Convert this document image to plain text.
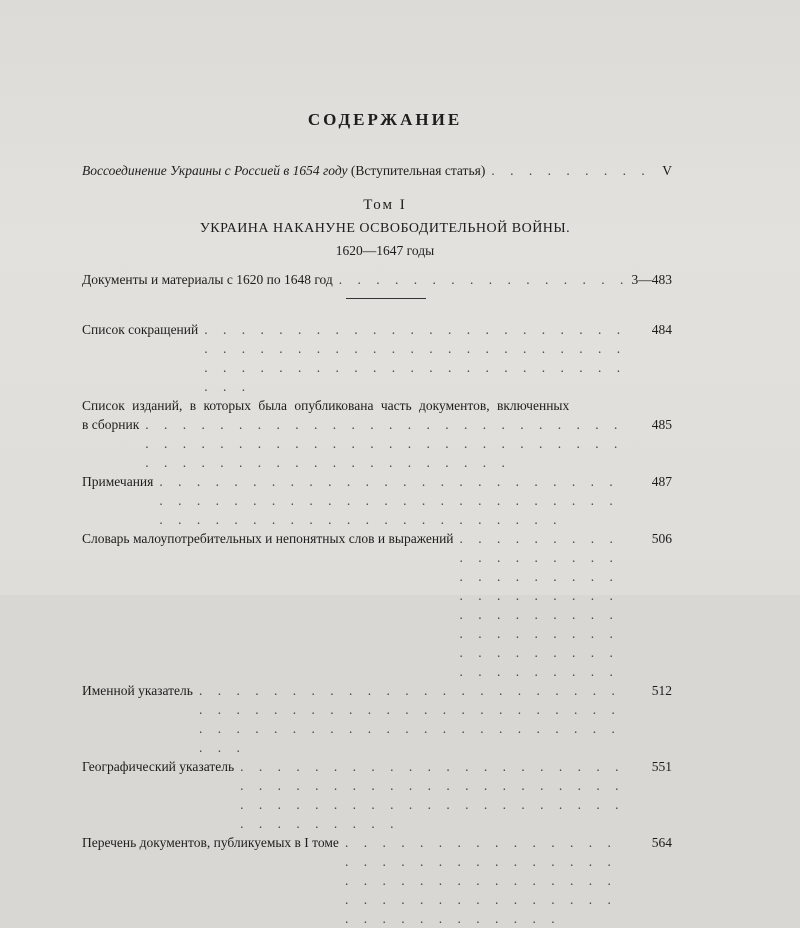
СОДЕРЖАНИЕ
Воссоединение Украины с Россией в 1654 году
(Вступительная статья) . . .	V
Том I
УКРАИНА НАКАНУНЕ ОСВОБОДИТЕЛЬНОЙ ВОЙНЫ.
1620—1647 годы
Документы и материалы с 1620 по 1648 год . . .	3—483
Список сокращений . . .	484
Список изданий, в которых была опубликована часть документов, включенных
в сборник . . .	485
Примечания . . .	487
Словарь малоупотребительных и непонятных слов и выражений . . .	506
Именной указатель . . .	512
Географический указатель . . .	551
Перечень документов, публикуемых в I томе . . .	564
